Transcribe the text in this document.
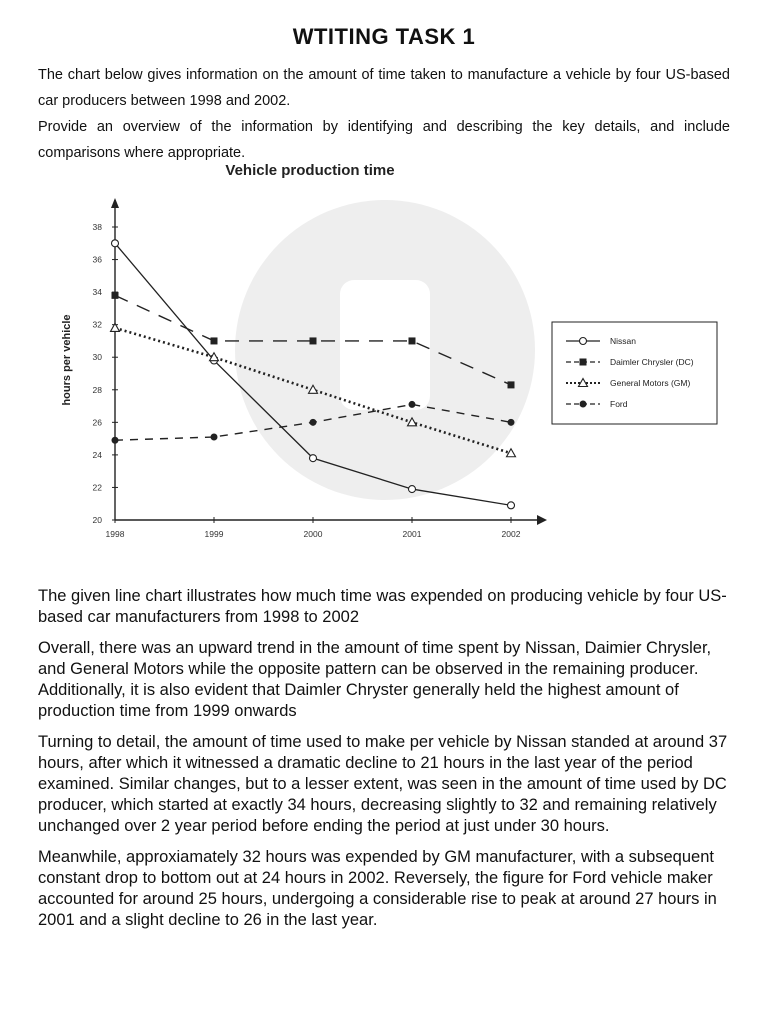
WTITING TASK 1

The chart below gives information on the amount of time taken to manufacture a vehicle by four US-based car producers between 1998 and 2002.

Provide an overview of the information by identifying and describing the key details, and include comparisons where appropriate.

Vehicle production time
20
22
24
26
28
30
32
34
36
38
1998	1999	2000	2001	2002
hours per vehicle	Nissan
Daimler Chrysler (DC)
General Motors (GM)
Ford

The given line chart illustrates how much time was expended on producing vehicle by four US-based car manufacturers from 1998 to 2002

Overall, there was an upward trend in the amount of time spent by Nissan, Daimier Chrysler, and General Motors while the opposite pattern can be observed in the remaining producer. Additionally, it is also evident that Daimler Chryster generally held the highest amount of production time from 1999 onwards

Turning to detail, the amount of time used to make per vehicle by Nissan standed at around 37 hours, after which it witnessed a dramatic decline to 21 hours in the last year of the period examined. Similar changes, but to a lesser extent, was seen in the amount of time used by DC producer, which started at exactly 34 hours, decreasing slightly to 32 and remaining relatively unchanged over 2 year period before ending the period at just under 30 hours.

Meanwhile, approxiamately 32 hours was expended by GM manufacturer, with a subsequent constant drop to bottom out at 24 hours in 2002. Reversely, the figure for Ford vehicle maker accounted for around 25 hours, undergoing a considerable rise to peak at around 27 hours in 2001 and a slight decline to 26 in the last year.
